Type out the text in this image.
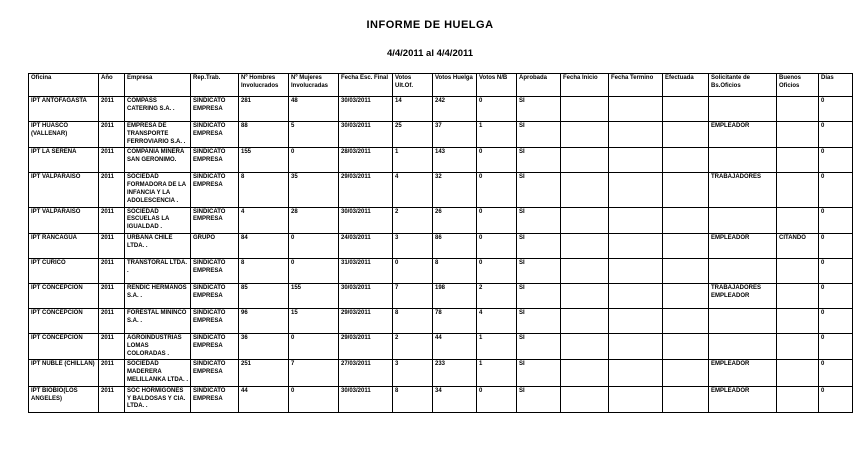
INFORME DE HUELGA
4/4/2011 al 4/4/2011
Oficina	Año	Empresa	Rep.Trab.	Nº Hombres Involucrados	Nº Mujeres Involucradas	Fecha Esc. Final	Votos Ult.Of.	Votos Huelga	Votos N/B	Aprobada	Fecha Inicio	Fecha Termino	Efectuada	Solicitante de Bs.Oficios	Buenos Oficios	Días
IPT ANTOFAGASTA	2011	COMPASS CATERING S.A. .	SINDICATO EMPRESA	281	48	30/03/2011	14	242	0	SI						0
IPT HUASCO (VALLENAR)	2011	EMPRESA DE TRANSPORTE FERROVIARIO S.A. .	SINDICATO EMPRESA	88	5	30/03/2011	25	37	1	SI				EMPLEADOR		0
IPT LA SERENA	2011	COMPAÑIA MINERA SAN GERONIMO.	SINDICATO EMPRESA	155	0	28/03/2011	1	143	0	SI						0
IPT VALPARAISO	2011	SOCIEDAD FORMADORA DE LA INFANCIA Y LA ADOLESCENCIA .	SINDICATO EMPRESA	8	35	29/03/2011	4	32	0	SI				TRABAJADORES		0
IPT VALPARAISO	2011	SOCIEDAD ESCUELAS LA IGUALDAD .	SINDICATO EMPRESA	4	28	30/03/2011	2	26	0	SI						0
IPT RANCAGUA	2011	URBANA CHILE LTDA. .	GRUPO	84	0	24/03/2011	3	86	0	SI				EMPLEADOR	CITANDO	0
IPT CURICO	2011	TRANSTORAL LTDA. .	SINDICATO EMPRESA	8	0	31/03/2011	0	8	0	SI						0
IPT CONCEPCION	2011	RENDIC HERMANOS S.A. .	SINDICATO EMPRESA	85	155	30/03/2011	7	198	2	SI				TRABAJADORES EMPLEADOR		0
IPT CONCEPCION	2011	FORESTAL MININCO S.A. .	SINDICATO EMPRESA	96	15	29/03/2011	8	78	4	SI						0
IPT CONCEPCION	2011	AGROINDUSTRIAS LOMAS COLORADAS .	SINDICATO EMPRESA	36	0	29/03/2011	2	44	1	SI						0
IPT ÑUBLE (CHILLAN)	2011	SOCIEDAD MADERERA MELILLANKA LTDA. .	SINDICATO EMPRESA	251	7	27/03/2011	3	233	1	SI				EMPLEADOR		0
IPT BIOBIO(LOS ANGELES)	2011	SOC HORMIGONES Y BALDOSAS Y CIA. LTDA. .	SINDICATO EMPRESA	44	0	30/03/2011	8	34	0	SI				EMPLEADOR		0
